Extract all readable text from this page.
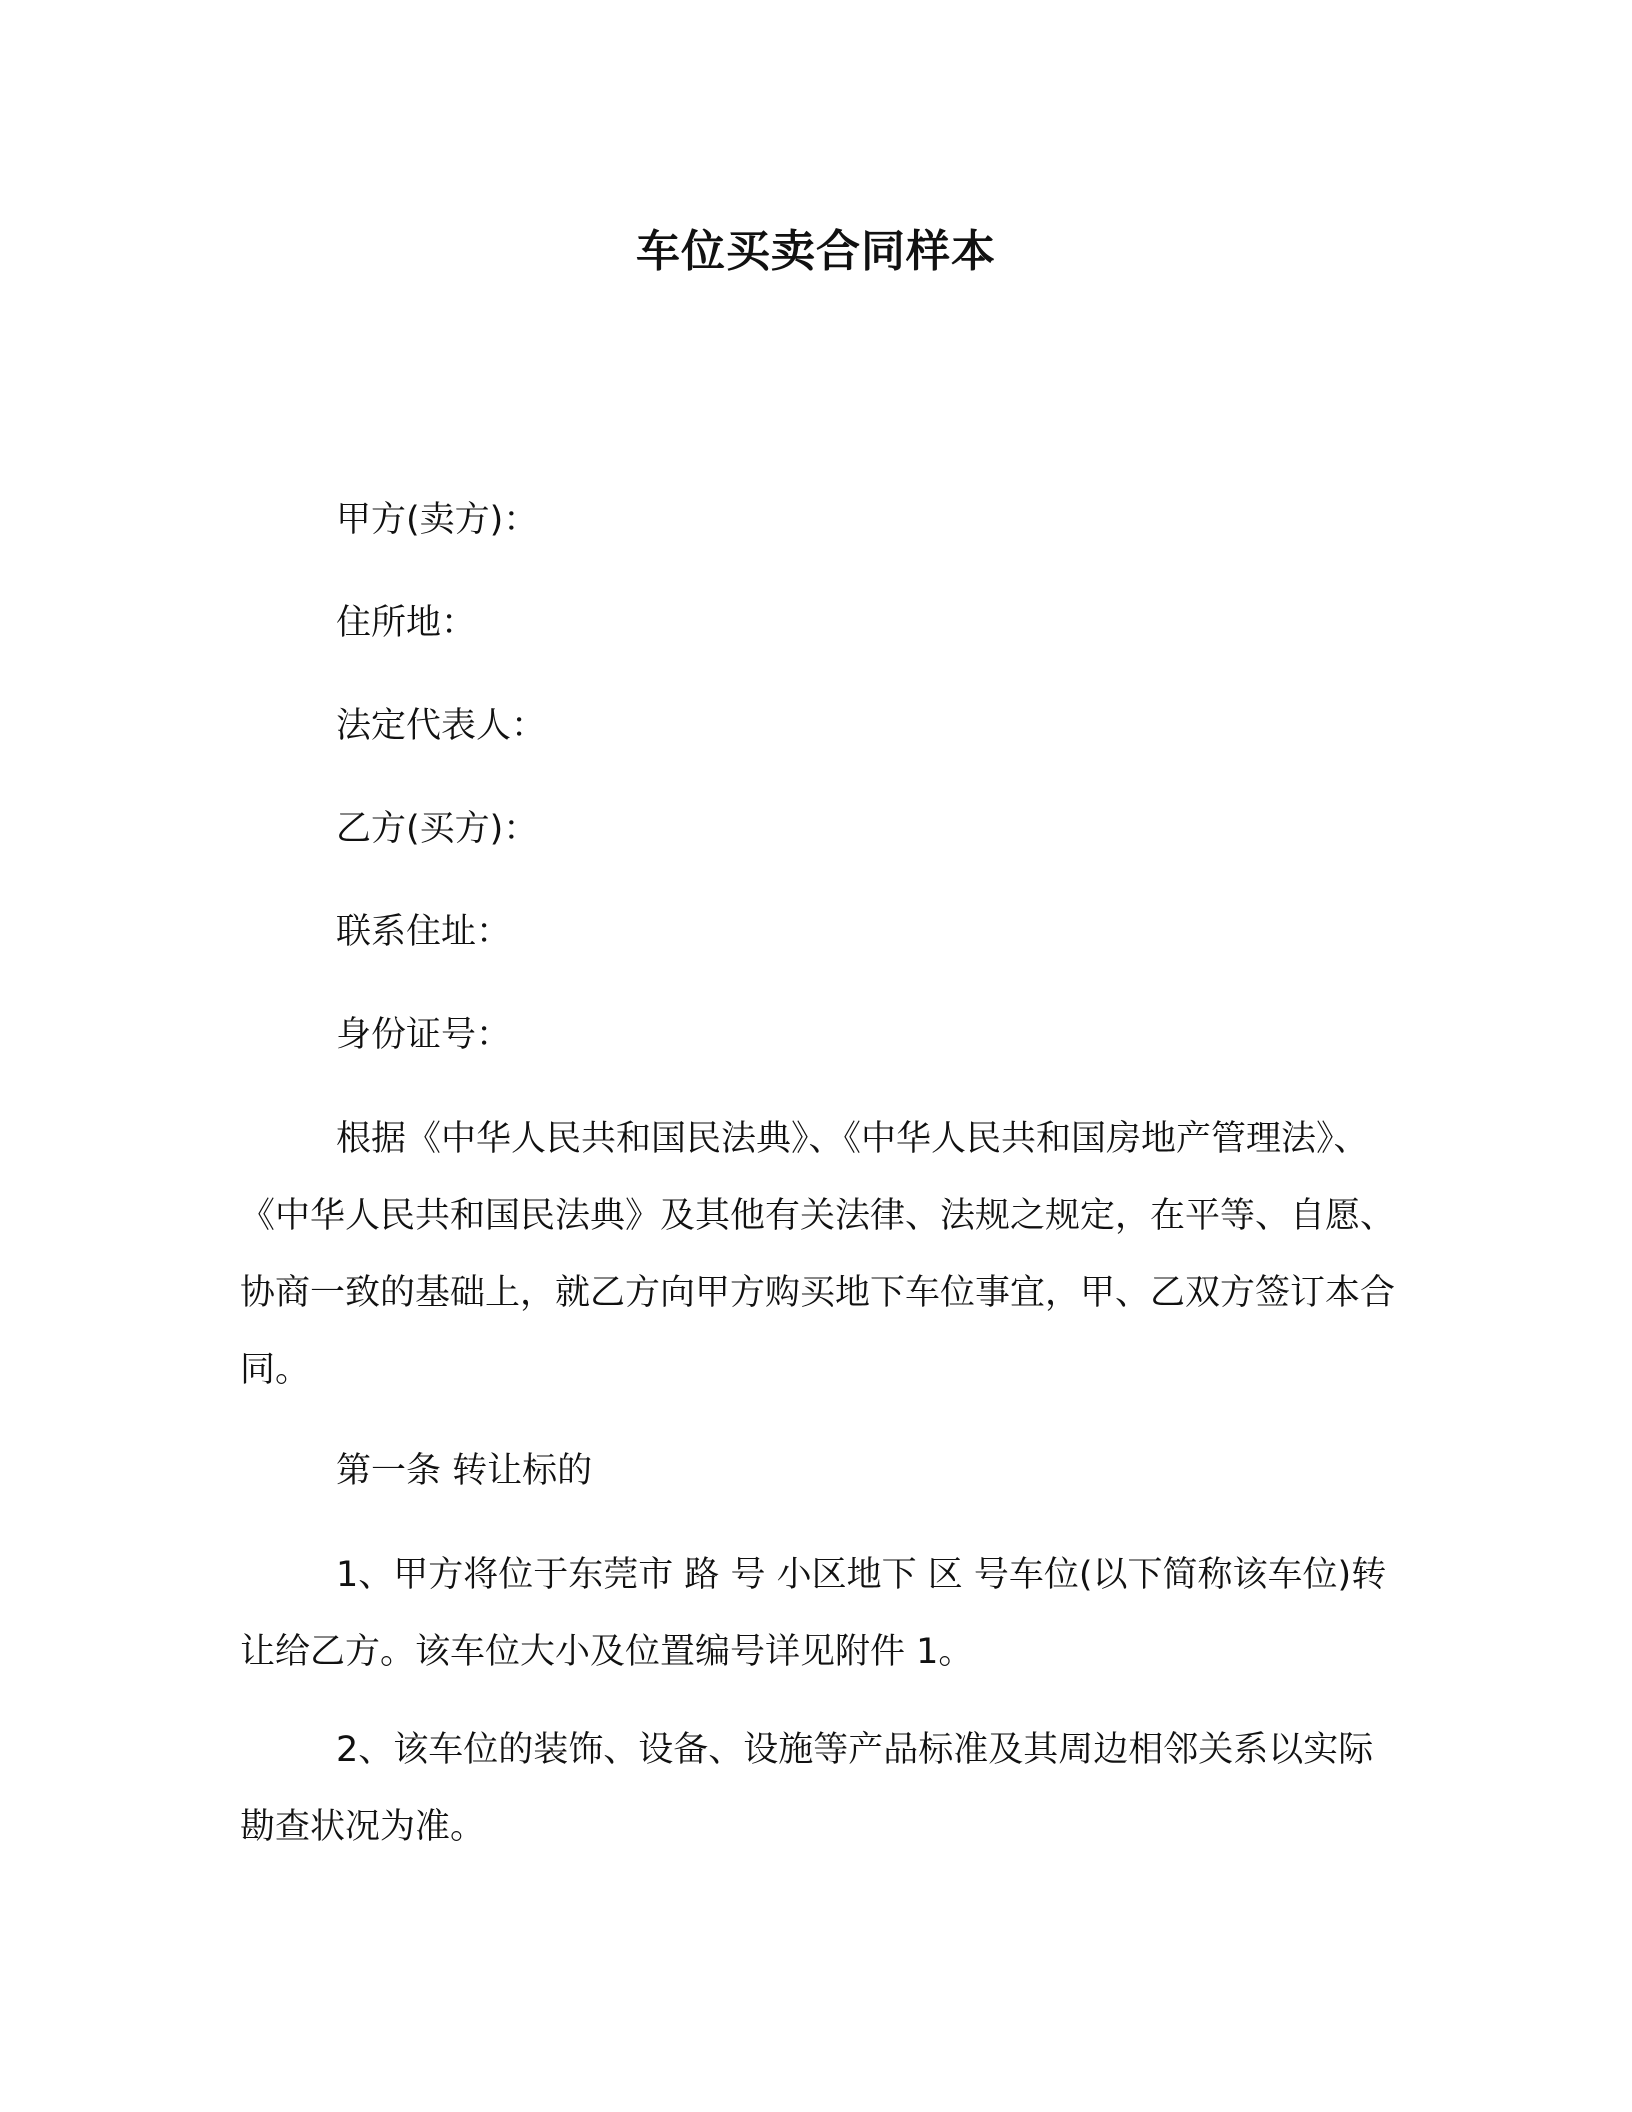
车位买卖合同样本
甲方(卖方)：
住所地：
法定代表人：
乙方(买方)：
联系住址：
身份证号：

根据《中华人民共和国民法典》、《中华人民共和国房地产管理法》、《中华人民共和国民法典》及其他有关法律、法规之规定，在平等、自愿、协商一致的基础上，就乙方向甲方购买地下车位事宜，甲、乙双方签订本合同。

第一条 转让标的

1、甲方将位于东莞市 路 号 小区地下 区 号车位(以下简称该车位)转让给乙方。该车位大小及位置编号详见附件 1。

2、该车位的装饰、设备、设施等产品标准及其周边相邻关系以实际勘查状况为准。
